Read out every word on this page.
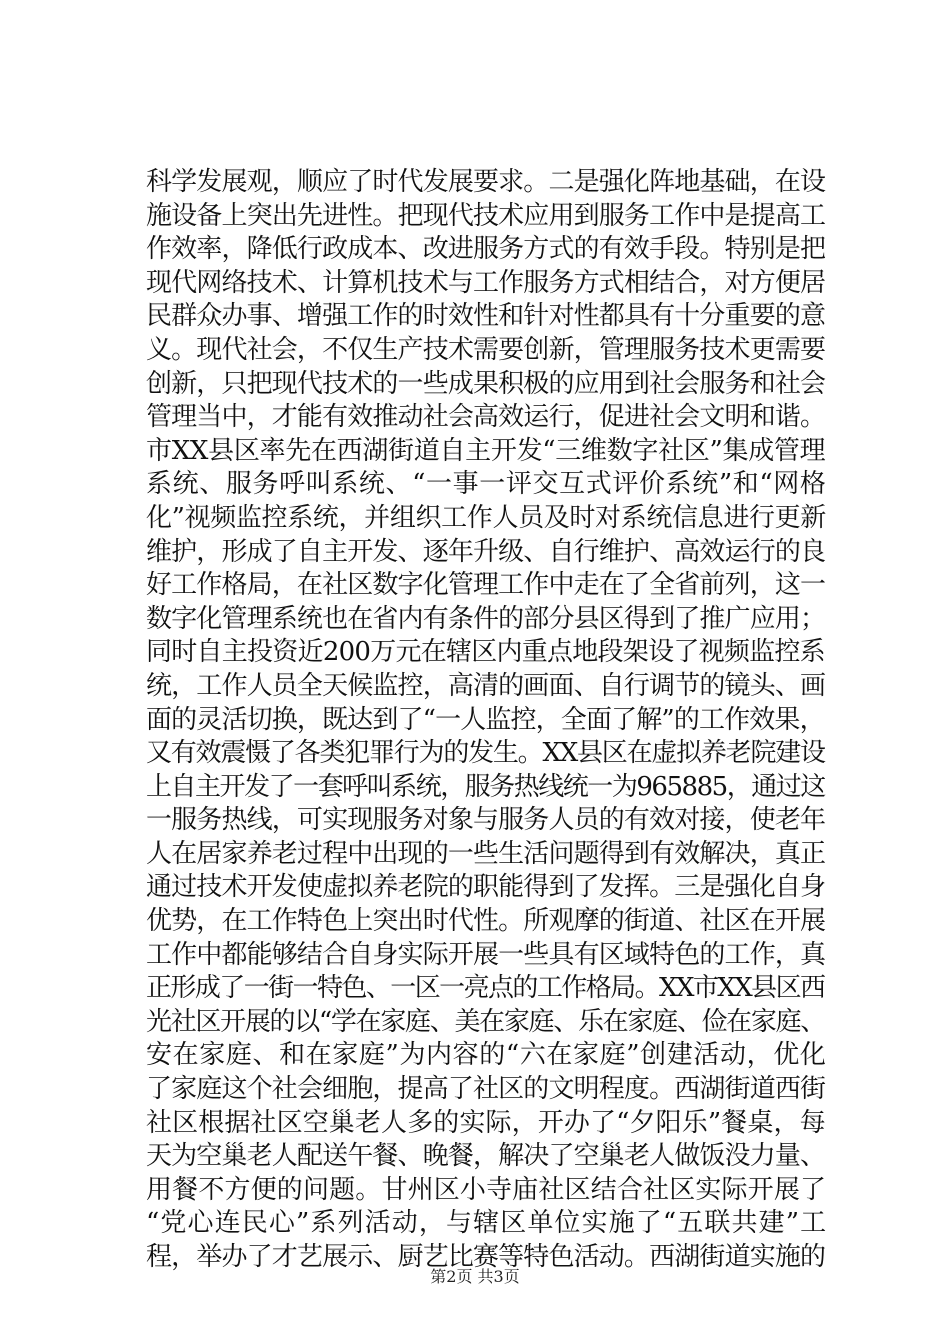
科学发展观，顺应了时代发展要求。二是强化阵地基础，在设
施设备上突出先进性。把现代技术应用到服务工作中是提高工
作效率，降低行政成本、改进服务方式的有效手段。特别是把
现代网络技术、计算机技术与工作服务方式相结合，对方便居
民群众办事、增强工作的时效性和针对性都具有十分重要的意
义。现代社会，不仅生产技术需要创新，管理服务技术更需要
创新，只把现代技术的一些成果积极的应用到社会服务和社会
管理当中，才能有效推动社会高效运行，促进社会文明和谐。
市XX县区率先在西湖街道自主开发“三维数字社区”集成管理
系统、服务呼叫系统、“一事一评交互式评价系统”和“网格
化”视频监控系统，并组织工作人员及时对系统信息进行更新
维护，形成了自主开发、逐年升级、自行维护、高效运行的良
好工作格局，在社区数字化管理工作中走在了全省前列，这一
数字化管理系统也在省内有条件的部分县区得到了推广应用；
同时自主投资近200万元在辖区内重点地段架设了视频监控系
统，工作人员全天候监控，高清的画面、自行调节的镜头、画
面的灵活切换，既达到了“一人监控，全面了解”的工作效果，
又有效震慑了各类犯罪行为的发生。XX县区在虚拟养老院建设
上自主开发了一套呼叫系统，服务热线统一为965885，通过这
一服务热线，可实现服务对象与服务人员的有效对接，使老年
人在居家养老过程中出现的一些生活问题得到有效解决，真正
通过技术开发使虚拟养老院的职能得到了发挥。三是强化自身
优势，在工作特色上突出时代性。所观摩的街道、社区在开展
工作中都能够结合自身实际开展一些具有区域特色的工作，真
正形成了一街一特色、一区一亮点的工作格局。XX市XX县区西
光社区开展的以“学在家庭、美在家庭、乐在家庭、俭在家庭、
安在家庭、和在家庭”为内容的“六在家庭”创建活动，优化
了家庭这个社会细胞，提高了社区的文明程度。西湖街道西街
社区根据社区空巢老人多的实际，开办了“夕阳乐”餐桌，每
天为空巢老人配送午餐、晚餐，解决了空巢老人做饭没力量、
用餐不方便的问题。甘州区小寺庙社区结合社区实际开展了
“党心连民心”系列活动，与辖区单位实施了“五联共建”工
程，举办了才艺展示、厨艺比赛等特色活动。西湖街道实施的
第2页 共3页
